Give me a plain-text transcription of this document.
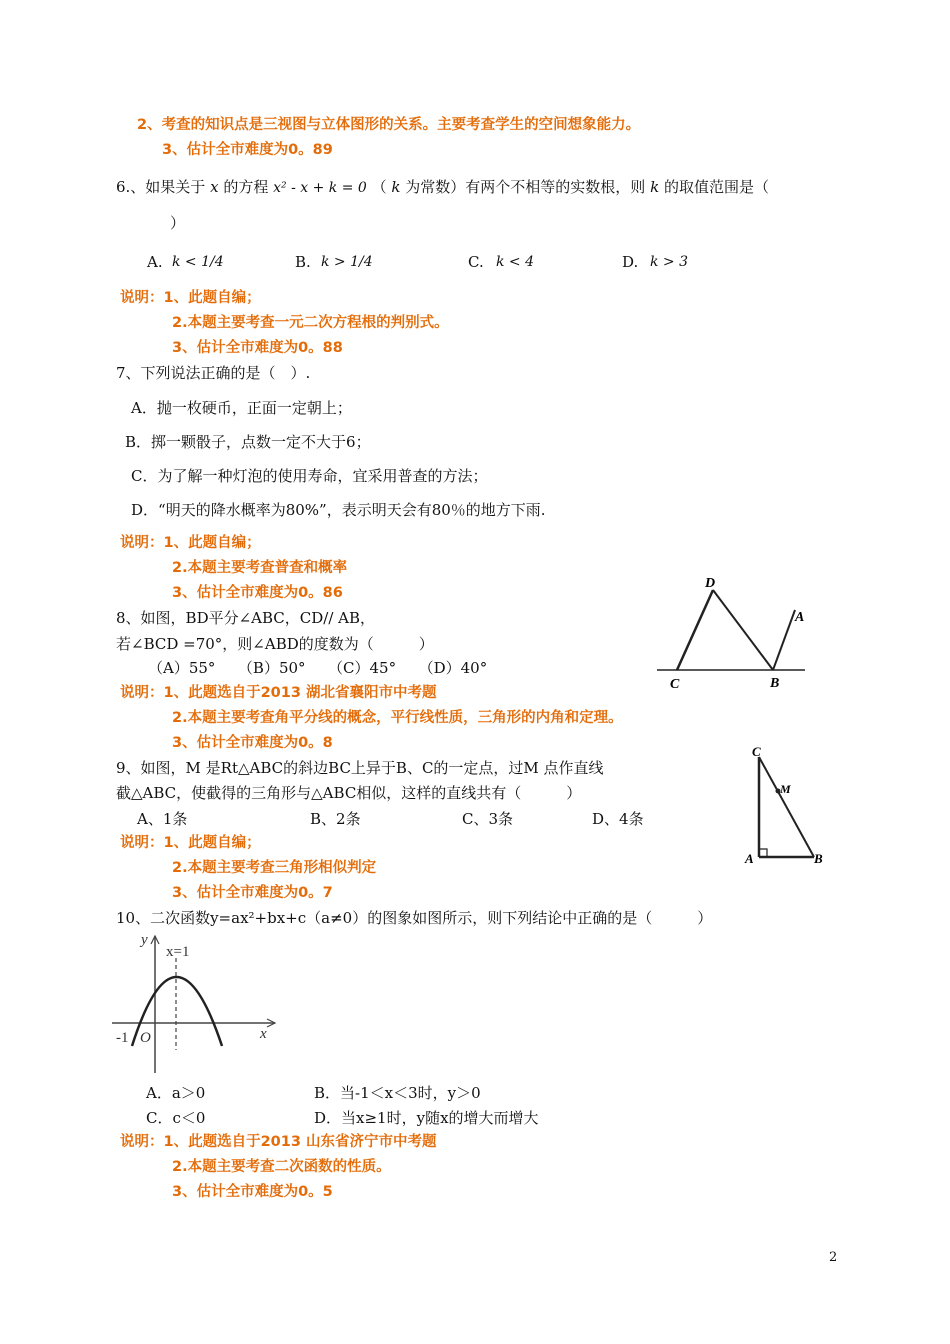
2、考查的知识点是三视图与立体图形的关系。主要考查学生的空间想象能力。
3、估计全市难度为0。89
6.、如果关于 x 的方程 x² - x + k = 0 （ k 为常数）有两个不相等的实数根，则 k 的取值范围是（
）
A. k < 1/4	B. k > 1/4	C. k < 4	D. k > 3
说明：1、此题自编；
2.本题主要考查一元二次方程根的判别式。
3、估计全市难度为0。88
7、下列说法正确的是（　）.
A．抛一枚硬币，正面一定朝上；
B．掷一颗骰子，点数一定不大于6；
C．为了解一种灯泡的使用寿命，宜采用普查的方法；
D．“明天的降水概率为80%”，表示明天会有80％的地方下雨.
说明：1、此题自编；
2.本题主要考查普查和概率
3、估计全市难度为0。86
8、如图，BD平分∠ABC，CD// AB，
若∠BCD =70°，则∠ABD的度数为（　　　）
（A）55°　　（B）50°　　（C）45°　　（D）40°
D
A
C	B
说明：1、此题选自于2013 湖北省襄阳市中考题
2.本题主要考查角平分线的概念，平行线性质，三角形的内角和定理。
3、估计全市难度为0。8
9、如图，M 是Rt△ABC的斜边BC上异于B、C的一定点，过M 点作直线
截△ABC，使截得的三角形与△ABC相似，这样的直线共有（　　　）
A、1条	B、2条	C、3条	D、4条
C
M
A	B
说明：1、此题自编；
2.本题主要考查三角形相似判定
3、估计全市难度为0。7
10、二次函数y=ax²+bx+c（a≠0）的图象如图所示，则下列结论中正确的是（　　　）
y
x=1
x
-1 O
A．a＞0	B．当-1＜x＜3时，y＞0
C．c＜0	D．当x≥1时，y随x的增大而增大
说明：1、此题选自于2013 山东省济宁市中考题
2.本题主要考查二次函数的性质。
3、估计全市难度为0。5
2
